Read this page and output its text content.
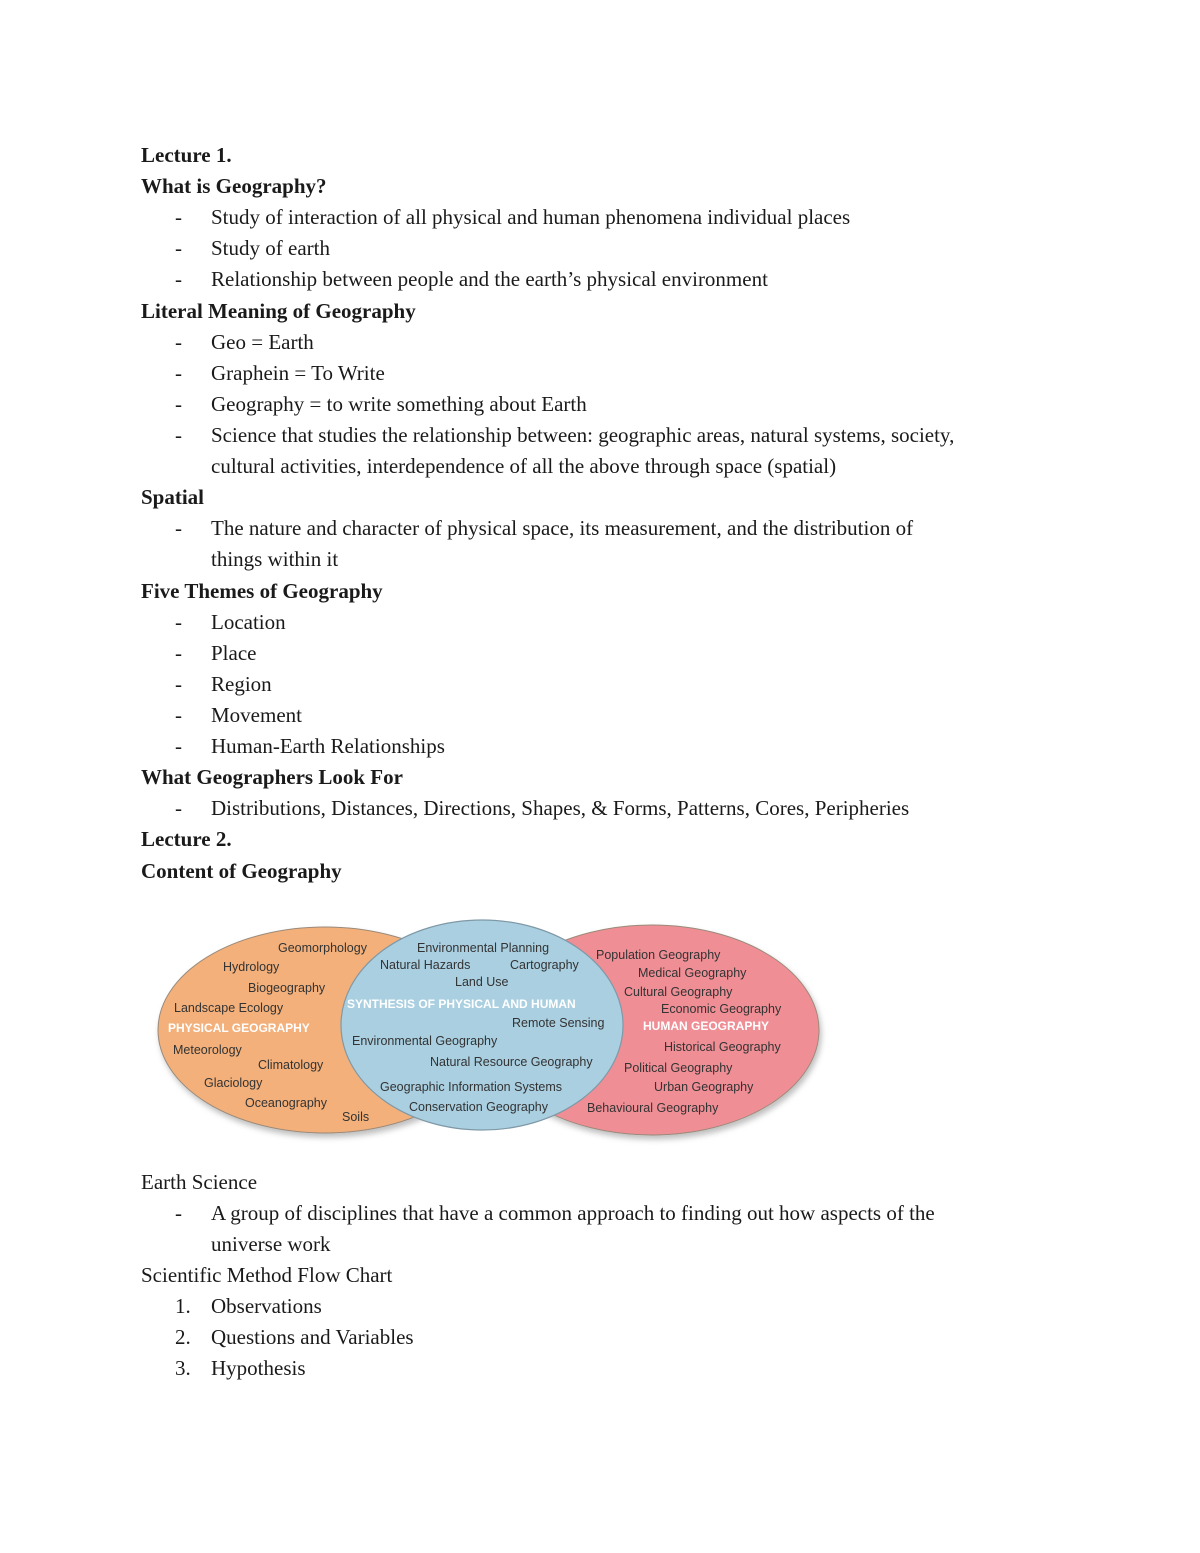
Lecture 1.
What is Geography?
-	Study of interaction of all physical and human phenomena individual places
-	Study of earth
-	Relationship between people and the earth’s physical environment
Literal Meaning of Geography
-	Geo = Earth
-	Graphein = To Write
-	Geography = to write something about Earth
-	Science that studies the relationship between: geographic areas, natural systems, society,
cultural activities, interdependence of all the above through space (spatial)
Spatial
-	The nature and character of physical space, its measurement, and the distribution of
things within it
Five Themes of Geography
-	Location
-	Place
-	Region
-	Movement
-	Human-Earth Relationships
What Geographers Look For
-	Distributions, Distances, Directions, Shapes, & Forms, Patterns, Cores, Peripheries
Lecture 2.
Content of Geography
Geomorphology
Hydrology
Biogeography
Landscape Ecology
PHYSICAL GEOGRAPHY
Meteorology
Climatology
Glaciology
Oceanography
Soils
Environmental Planning
Natural Hazards	Cartography
Land Use
SYNTHESIS OF PHYSICAL AND HUMAN
Remote Sensing
Environmental Geography
Natural Resource Geography
Geographic Information Systems
Conservation Geography
Population Geography
Medical Geography
Cultural Geography
Economic Geography
HUMAN GEOGRAPHY
Historical Geography
Political Geography
Urban Geography
Behavioural Geography
Earth Science
-	A group of disciplines that have a common approach to finding out how aspects of the
universe work
Scientific Method Flow Chart
1. Observations
2. Questions and Variables
3. Hypothesis
